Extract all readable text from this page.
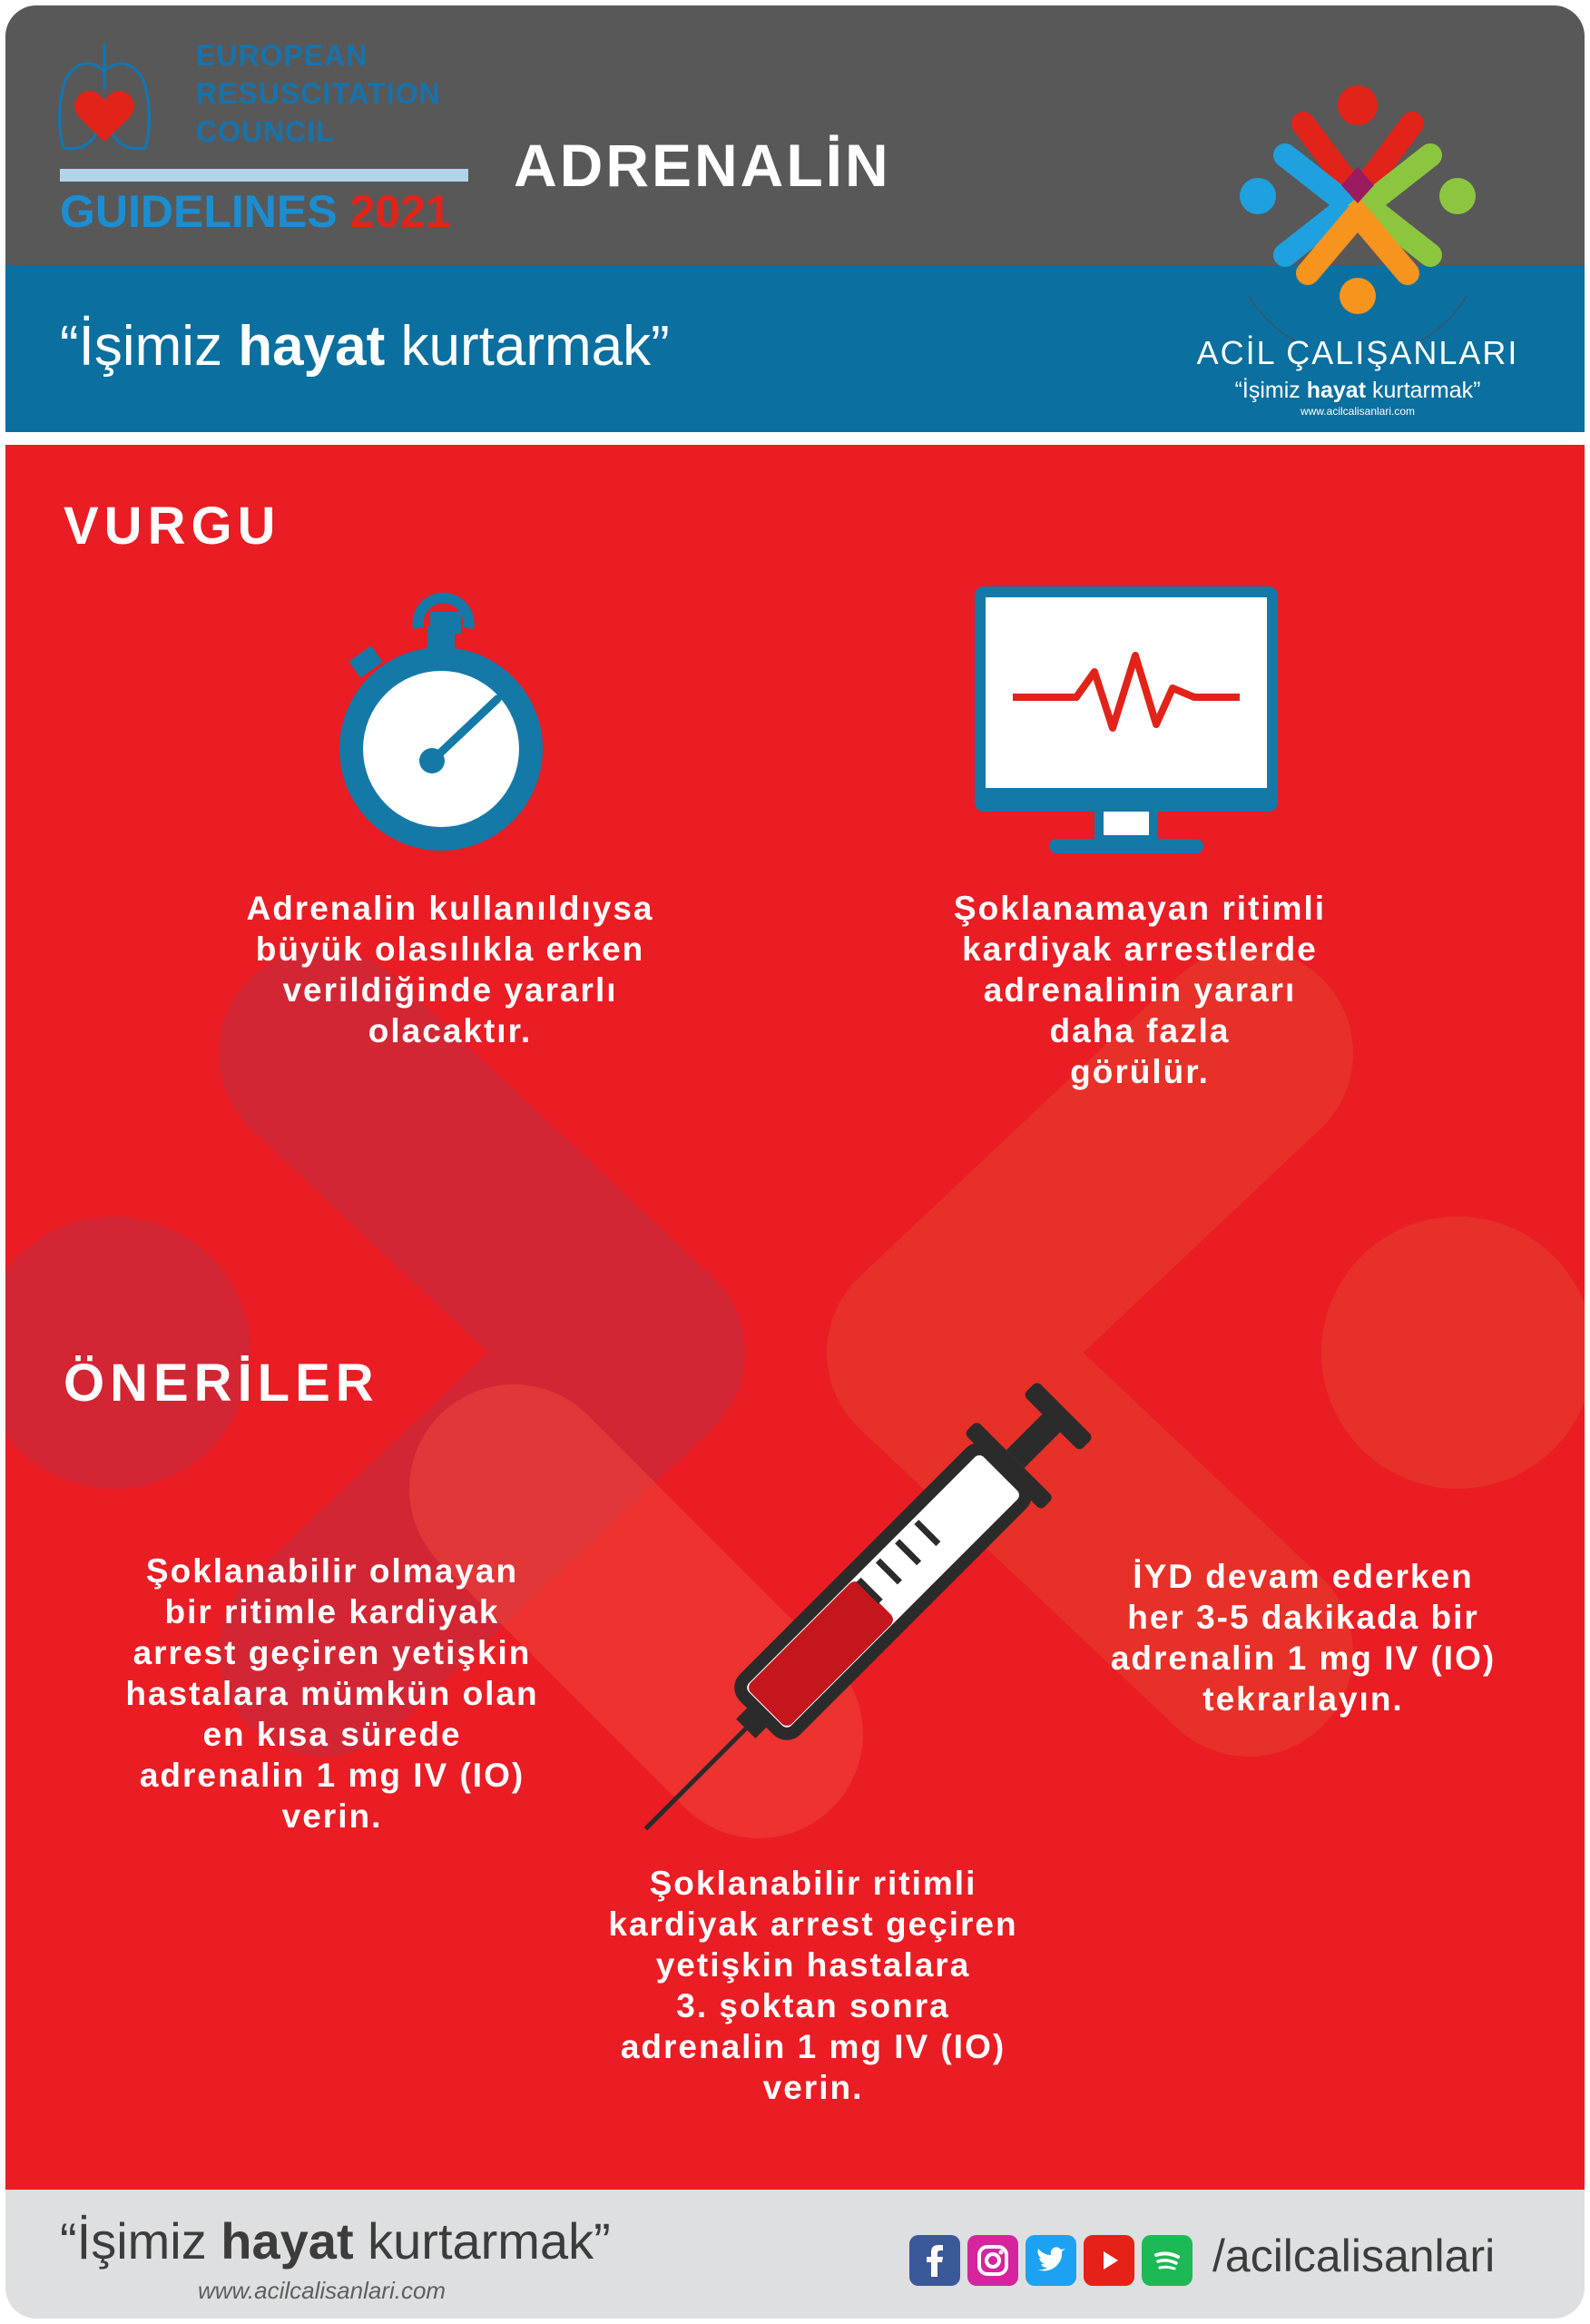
EUROPEAN
RESUSCITATION
COUNCIL
GUIDELINES 2021
ADRENALİN
“İşimiz hayat kurtarmak”	ACİL ÇALIŞANLARI
“İşimiz hayat kurtarmak”
www.acilcalisanlari.com
VURGU
Adrenalin kullanıldıysa
büyük olasılıkla erken
verildiğinde yararlı
olacaktır.
Şoklanamayan ritimli
kardiyak arrestlerde
adrenalinin yararı
daha fazla
görülür.
ÖNERİLER
Şoklanabilir olmayan
bir ritimle kardiyak
arrest geçiren yetişkin
hastalara mümkün olan
en kısa sürede
adrenalin 1 mg IV (IO)
verin.
İYD devam ederken
her 3-5 dakikada bir
adrenalin 1 mg IV (IO)
tekrarlayın.
Şoklanabilir ritimli
kardiyak arrest geçiren
yetişkin hastalara
3. şoktan sonra
adrenalin 1 mg IV (IO)
verin.
“İşimiz hayat kurtarmak”
www.acilcalisanlari.com
/acilcalisanlari
